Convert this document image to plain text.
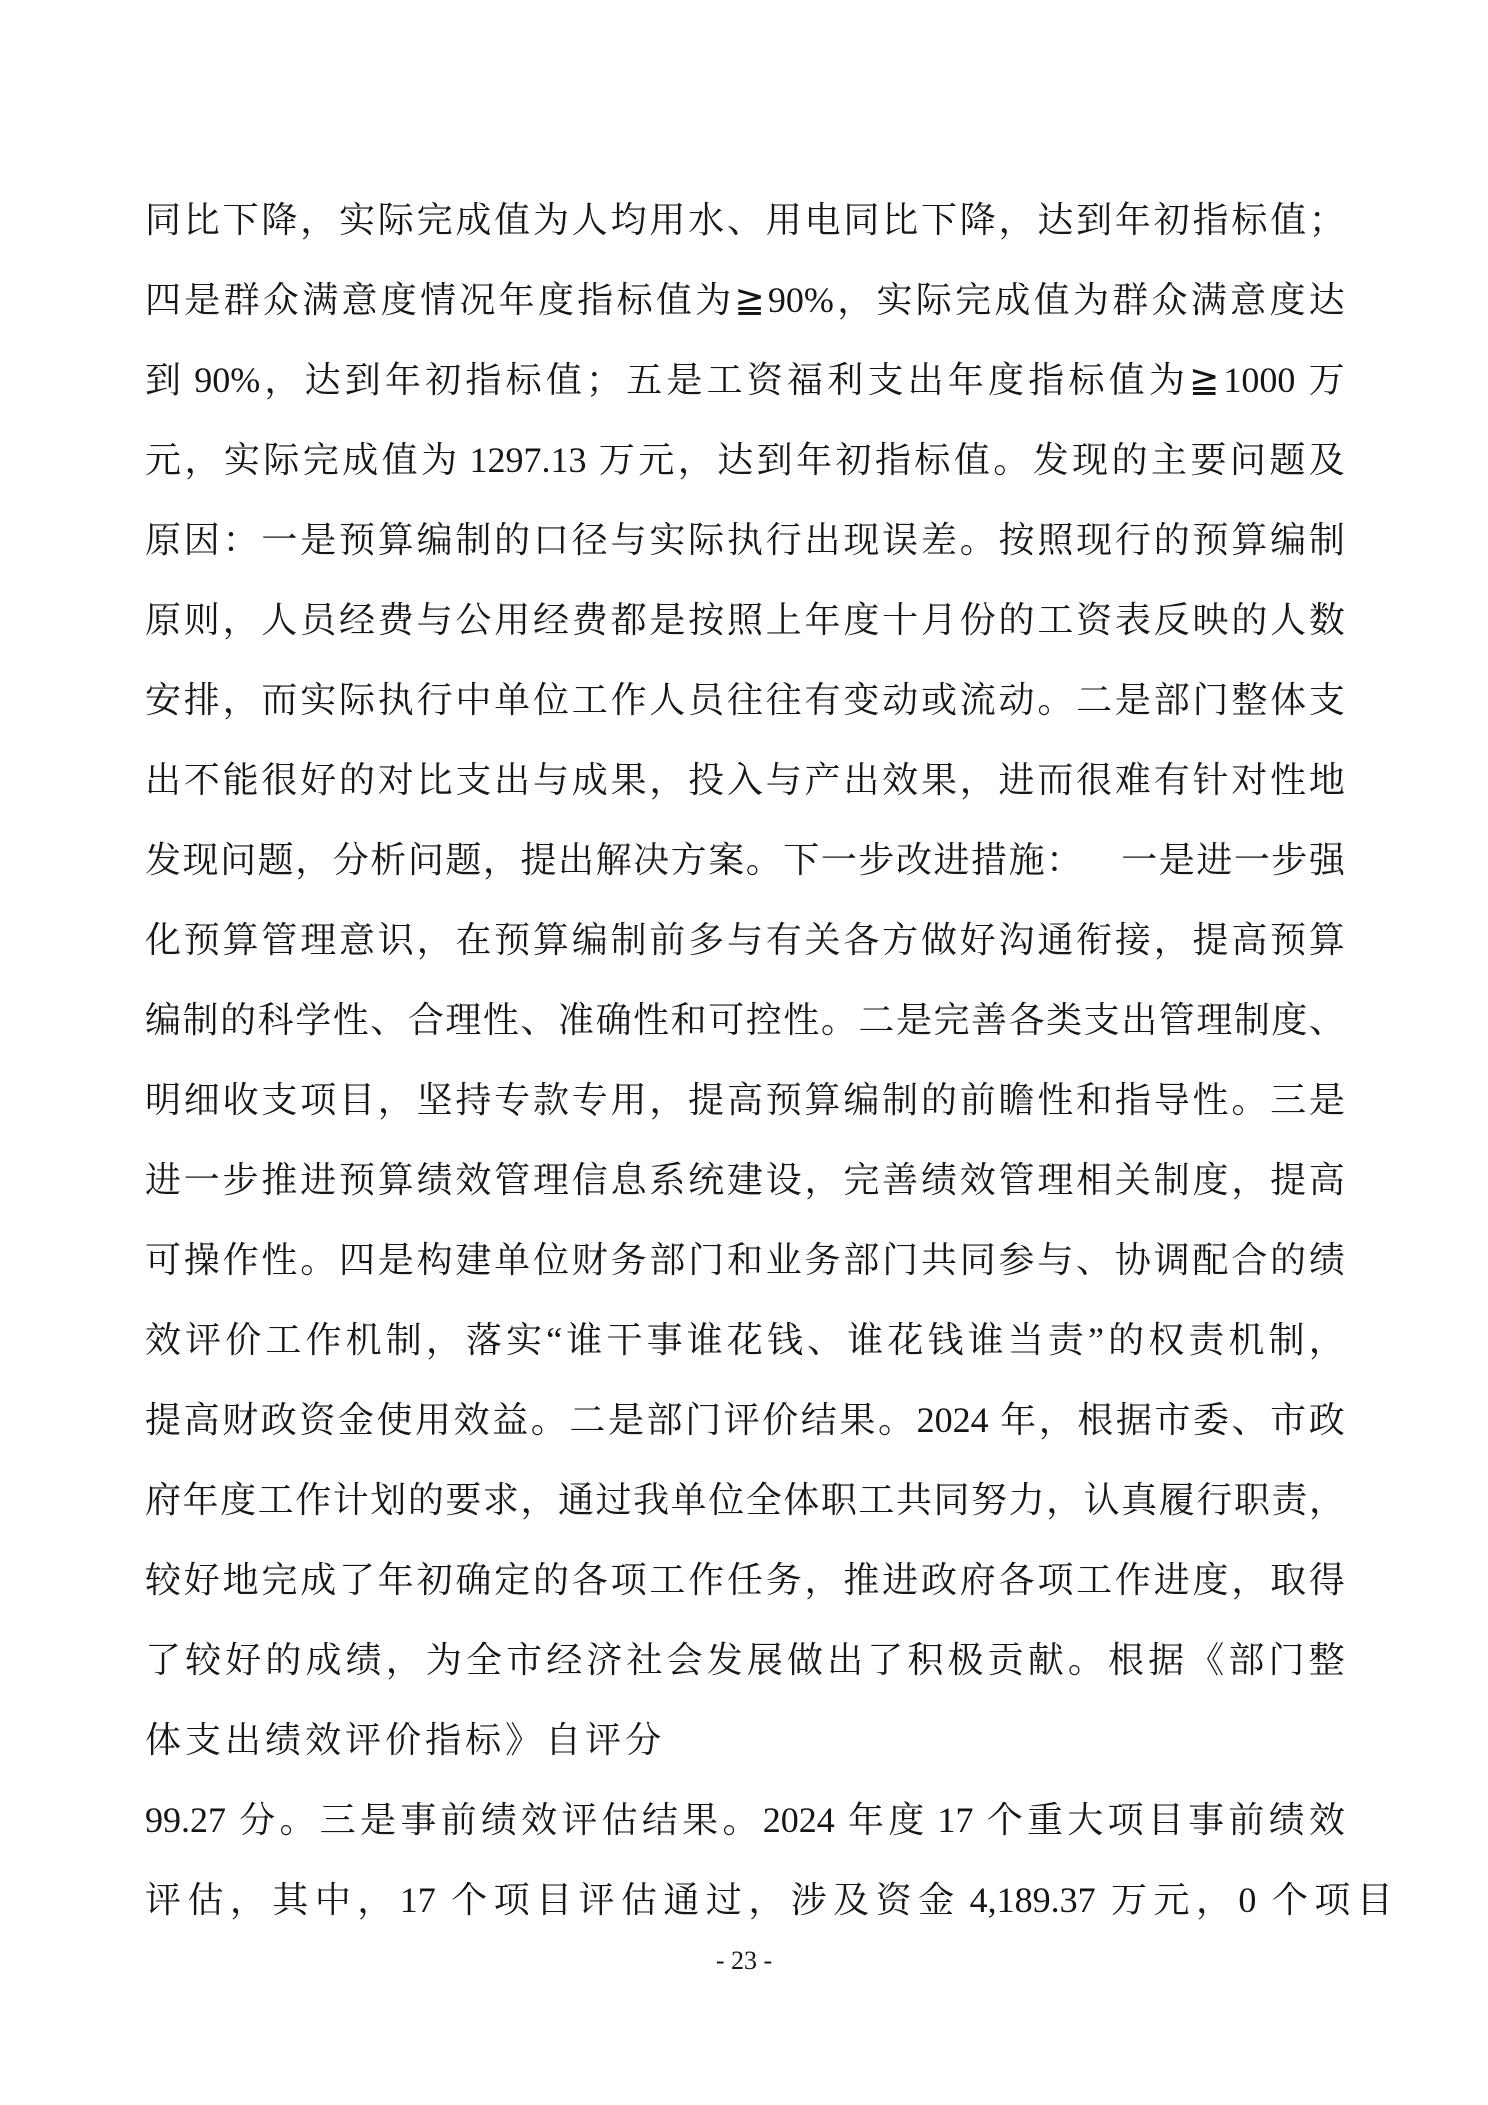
同 比 下 降 ， 实 际 完 成 值 为 人 均 用 水 、 用 电 同 比 下 降 ， 达 到 年 初 指 标 值 ；
四 是 群 众 满 意 度 情 况 年 度 指 标 值 为 ≧ 90% ， 实 际 完 成 值 为 群 众 满 意 度 达
到 90% ， 达 到 年 初 指 标 值 ； 五 是 工 资 福 利 支 出 年 度 指 标 值 为 ≧ 1000 万
元 ， 实 际 完 成 值 为 1297.13 万 元 ， 达 到 年 初 指 标 值 。 发 现 的 主 要 问 题 及
原 因 ： 一 是 预 算 编 制 的 口 径 与 实 际 执 行 出 现 误 差 。 按 照 现 行 的 预 算 编 制
原 则 ， 人 员 经 费 与 公 用 经 费 都 是 按 照 上 年 度 十 月 份 的 工 资 表 反 映 的 人 数
安 排 ， 而 实 际 执 行 中 单 位 工 作 人 员 往 往 有 变 动 或 流 动 。 二 是 部 门 整 体 支
出 不 能 很 好 的 对 比 支 出 与 成 果 ， 投 入 与 产 出 效 果 ， 进 而 很 难 有 针 对 性 地
发 现 问 题 ， 分 析 问 题 ， 提 出 解 决 方 案 。 下 一 步 改 进 措 施 ：
　 一 是 进 一 步 强
化 预 算 管 理 意 识 ， 在 预 算 编 制 前 多 与 有 关 各 方 做 好 沟 通 衔 接 ， 提 高 预 算
编 制 的 科 学 性 、 合 理 性 、 准 确 性 和 可 控 性 。 二 是 完 善 各 类 支 出 管 理 制 度 、
明 细 收 支 项 目 ， 坚 持 专 款 专 用 ， 提 高 预 算 编 制 的 前 瞻 性 和 指 导 性 。 三 是
进 一 步 推 进 预 算 绩 效 管 理 信 息 系 统 建 设 ， 完 善 绩 效 管 理 相 关 制 度 ， 提 高
可 操 作 性 。 四 是 构 建 单 位 财 务 部 门 和 业 务 部 门 共 同 参 与 、 协 调 配 合 的 绩
效 评 价 工 作 机 制 ， 落 实 “ 谁 干 事 谁 花 钱 、 谁 花 钱 谁 当 责 ” 的 权 责 机 制 ，
提 高 财 政 资 金 使 用 效 益 。 二 是 部 门 评 价 结 果 。 2024 年 ， 根 据 市 委 、 市 政
府 年 度 工 作 计 划 的 要 求 ， 通 过 我 单 位 全 体 职 工 共 同 努 力 ， 认 真 履 行 职 责 ，
较 好 地 完 成 了 年 初 确 定 的 各 项 工 作 任 务 ， 推 进 政 府 各 项 工 作 进 度 ， 取 得
了 较 好 的 成 绩 ， 为 全 市 经 济 社 会 发 展 做 出 了 积 极 贡 献 。 根 据 《 部 门 整
体 支 出 绩 效 评 价 指 标 》 自 评 分
99.27 分 。 三 是 事 前 绩 效 评 估 结 果 。 2024 年 度 17 个 重 大 项 目 事 前 绩 效
评 估 ， 其 中 ， 17 个 项 目 评 估 通 过 ， 涉 及 资 金 4,189.37 万 元 ， 0 个 项 目
- 23 -
